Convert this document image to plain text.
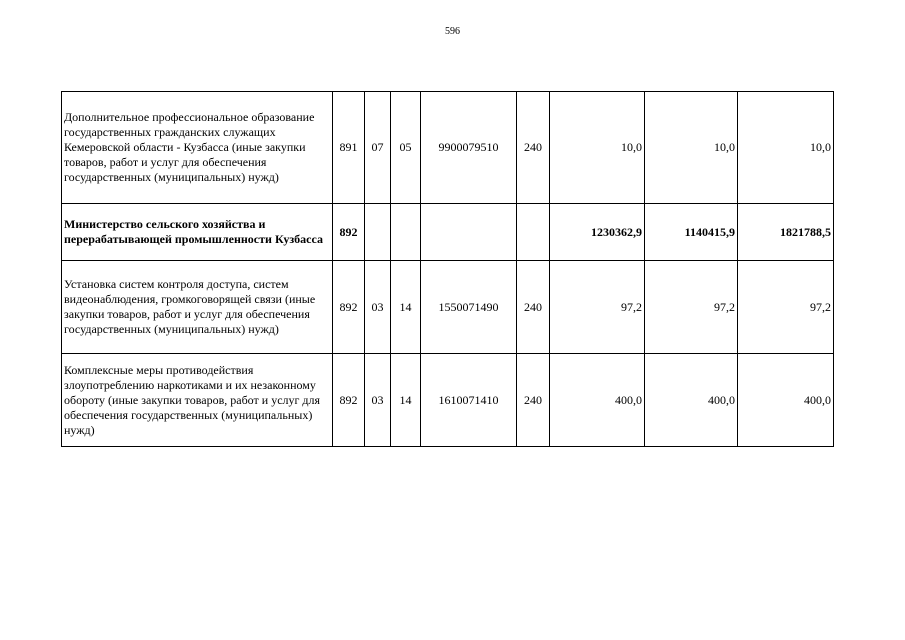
596
Дополнительное профессиональное образование государственных гражданских служащих Кемеровской области - Кузбасса (иные закупки товаров, работ и услуг для обеспечения государственных (муниципальных) нужд)	891	07	05	9900079510	240	10,0	10,0	10,0
Министерство сельского хозяйства и перерабатывающей промышленности Кузбасса	892					1230362,9	1140415,9	1821788,5
Установка систем контроля доступа, систем видеонаблюдения, громкоговорящей связи (иные закупки товаров, работ и услуг для обеспечения государственных (муниципальных) нужд)	892	03	14	1550071490	240	97,2	97,2	97,2
Комплексные меры противодействия злоупотреблению наркотиками и их незаконному обороту (иные закупки товаров, работ и услуг для обеспечения государственных (муниципальных) нужд)	892	03	14	1610071410	240	400,0	400,0	400,0
